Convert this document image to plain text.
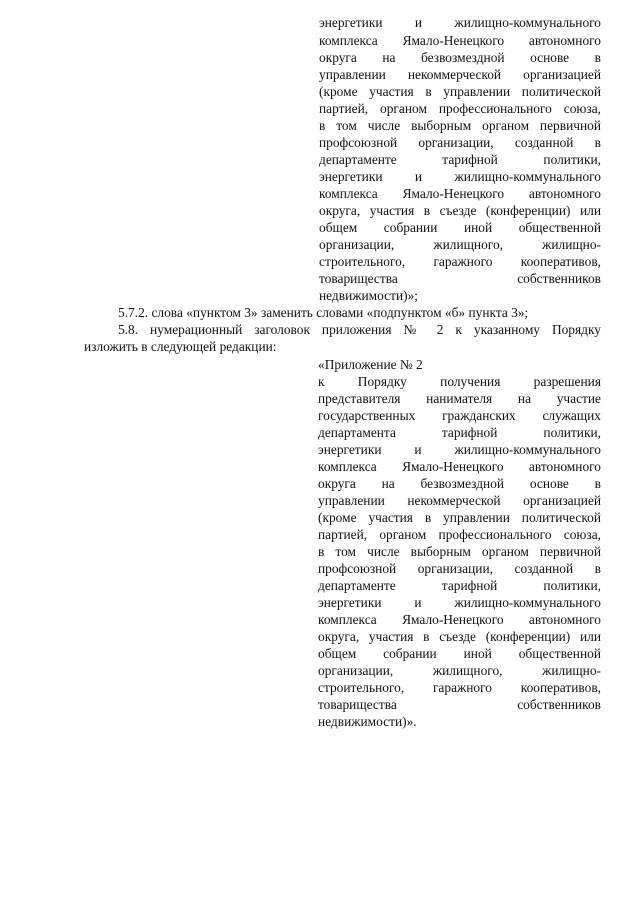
энергетики и жилищно-коммунального
комплекса Ямало-Ненецкого автономного
округа на безвозмездной основе в
управлении некоммерческой организацией
(кроме участия в управлении политической
партией, органом профессионального союза,
в том числе выборным органом первичной
профсоюзной организации, созданной в
департаменте тарифной политики,
энергетики и жилищно-коммунального
комплекса Ямало-Ненецкого автономного
округа, участия в съезде (конференции) или
общем собрании иной общественной
организации, жилищного, жилищно-
строительного, гаражного кооперативов,
товарищества собственников
недвижимости)»;
5.7.2. слова «пунктом 3» заменить словами «подпунктом «б» пункта 3»;
5.8. нумерационный заголовок приложения № 2 к указанному Порядку
изложить в следующей редакции:
«Приложение № 2
к Порядку получения разрешения
представителя нанимателя на участие
государственных гражданских служащих
департамента тарифной политики,
энергетики и жилищно-коммунального
комплекса Ямало-Ненецкого автономного
округа на безвозмездной основе в
управлении некоммерческой организацией
(кроме участия в управлении политической
партией, органом профессионального союза,
в том числе выборным органом первичной
профсоюзной организации, созданной в
департаменте тарифной политики,
энергетики и жилищно-коммунального
комплекса Ямало-Ненецкого автономного
округа, участия в съезде (конференции) или
общем собрании иной общественной
организации, жилищного, жилищно-
строительного, гаражного кооперативов,
товарищества собственников
недвижимости)».
